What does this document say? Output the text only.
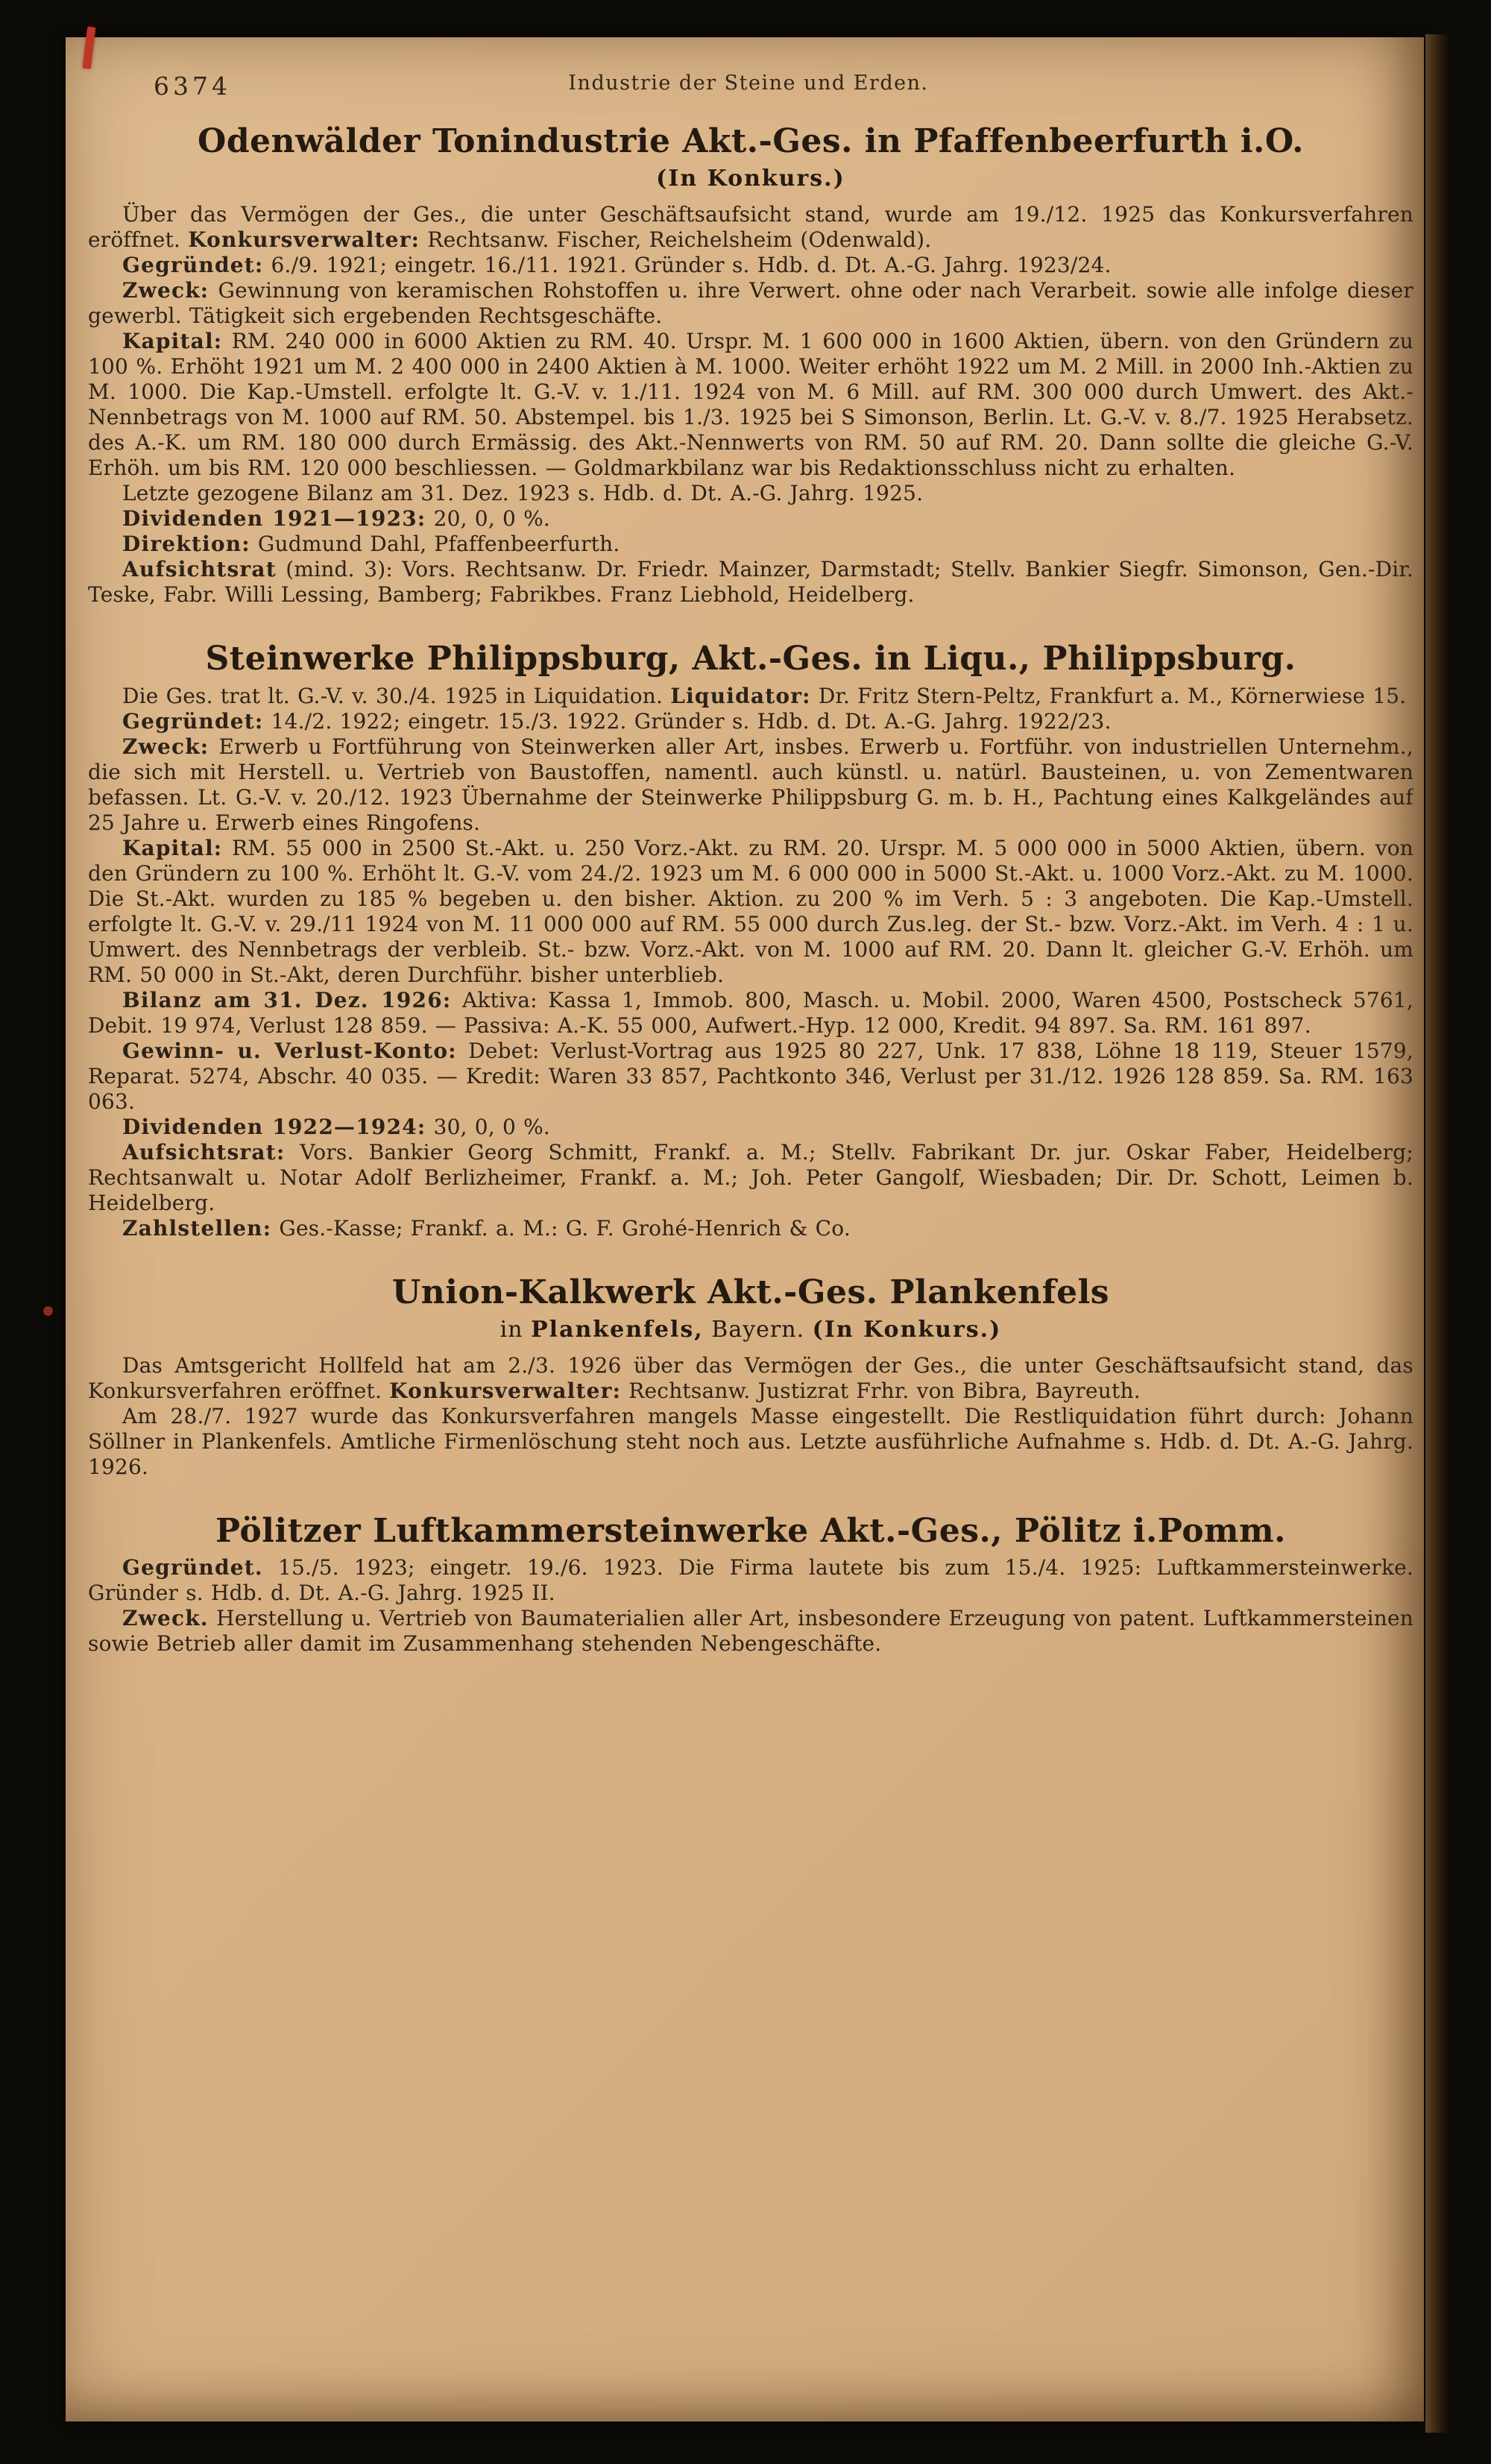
Industrie der Steine und Erden.
6374
Odenwälder Tonindustrie Akt.-Ges. in Pfaffenbeerfurth i.O.
(In Konkurs.)

Über das Vermögen der Ges., die unter Geschäftsaufsicht stand, wurde am 19./12. 1925 das Konkursverfahren eröffnet. Konkursverwalter: Rechtsanw. Fischer, Reichelsheim (Odenwald).

Gegründet: 6./9. 1921; eingetr. 16./11. 1921. Gründer s. Hdb. d. Dt. A.-G. Jahrg. 1923/24.

Zweck: Gewinnung von keramischen Rohstoffen u. ihre Verwert. ohne oder nach Verarbeit. sowie alle infolge dieser gewerbl. Tätigkeit sich ergebenden Rechtsgeschäfte.

Kapital: RM. 240 000 in 6000 Aktien zu RM. 40. Urspr. M. 1 600 000 in 1600 Aktien, übern. von den Gründern zu 100 %. Erhöht 1921 um M. 2 400 000 in 2400 Aktien à M. 1000. Weiter erhöht 1922 um M. 2 Mill. in 2000 Inh.-Aktien zu M. 1000. Die Kap.-Umstell. erfolgte lt. G.-V. v. 1./11. 1924 von M. 6 Mill. auf RM. 300 000 durch Umwert. des Akt.-Nennbetrags von M. 1000 auf RM. 50. Abstempel. bis 1./3. 1925 bei S Simonson, Berlin. Lt. G.-V. v. 8./7. 1925 Herabsetz. des A.-K. um RM. 180 000 durch Ermässig. des Akt.-Nennwerts von RM. 50 auf RM. 20. Dann sollte die gleiche G.-V. Erhöh. um bis RM. 120 000 beschliessen. — Goldmarkbilanz war bis Redaktionsschluss nicht zu erhalten.

Letzte gezogene Bilanz am 31. Dez. 1923 s. Hdb. d. Dt. A.-G. Jahrg. 1925.

Dividenden 1921—1923: 20, 0, 0 %.

Direktion: Gudmund Dahl, Pfaffenbeerfurth.

Aufsichtsrat (mind. 3): Vors. Rechtsanw. Dr. Friedr. Mainzer, Darmstadt; Stellv. Bankier Siegfr. Simonson, Gen.-Dir. Teske, Fabr. Willi Lessing, Bamberg; Fabrikbes. Franz Liebhold, Heidelberg.

Steinwerke Philippsburg, Akt.-Ges. in Liqu., Philippsburg.

Die Ges. trat lt. G.-V. v. 30./4. 1925 in Liquidation. Liquidator: Dr. Fritz Stern-Peltz, Frankfurt a. M., Körnerwiese 15.

Gegründet: 14./2. 1922; eingetr. 15./3. 1922. Gründer s. Hdb. d. Dt. A.-G. Jahrg. 1922/23.

Zweck: Erwerb u Fortführung von Steinwerken aller Art, insbes. Erwerb u. Fortführ. von industriellen Unternehm., die sich mit Herstell. u. Vertrieb von Baustoffen, namentl. auch künstl. u. natürl. Bausteinen, u. von Zementwaren befassen. Lt. G.-V. v. 20./12. 1923 Übernahme der Steinwerke Philippsburg G. m. b. H., Pachtung eines Kalkgeländes auf 25 Jahre u. Erwerb eines Ringofens.

Kapital: RM. 55 000 in 2500 St.-Akt. u. 250 Vorz.-Akt. zu RM. 20. Urspr. M. 5 000 000 in 5000 Aktien, übern. von den Gründern zu 100 %. Erhöht lt. G.-V. vom 24./2. 1923 um M. 6 000 000 in 5000 St.-Akt. u. 1000 Vorz.-Akt. zu M. 1000. Die St.-Akt. wurden zu 185 % begeben u. den bisher. Aktion. zu 200 % im Verh. 5 : 3 angeboten. Die Kap.-Umstell. erfolgte lt. G.-V. v. 29./11 1924 von M. 11 000 000 auf RM. 55 000 durch Zus.leg. der St.- bzw. Vorz.-Akt. im Verh. 4 : 1 u. Umwert. des Nennbetrags der verbleib. St.- bzw. Vorz.-Akt. von M. 1000 auf RM. 20. Dann lt. gleicher G.-V. Erhöh. um RM. 50 000 in St.-Akt, deren Durchführ. bisher unterblieb.

Bilanz am 31. Dez. 1926: Aktiva: Kassa 1, Immob. 800, Masch. u. Mobil. 2000, Waren 4500, Postscheck 5761, Debit. 19 974, Verlust 128 859. — Passiva: A.-K. 55 000, Aufwert.-Hyp. 12 000, Kredit. 94 897. Sa. RM. 161 897.

Gewinn- u. Verlust-Konto: Debet: Verlust-Vortrag aus 1925 80 227, Unk. 17 838, Löhne 18 119, Steuer 1579, Reparat. 5274, Abschr. 40 035. — Kredit: Waren 33 857, Pachtkonto 346, Verlust per 31./12. 1926 128 859. Sa. RM. 163 063.

Dividenden 1922—1924: 30, 0, 0 %.

Aufsichtsrat: Vors. Bankier Georg Schmitt, Frankf. a. M.; Stellv. Fabrikant Dr. jur. Oskar Faber, Heidelberg; Rechtsanwalt u. Notar Adolf Berlizheimer, Frankf. a. M.; Joh. Peter Gangolf, Wiesbaden; Dir. Dr. Schott, Leimen b. Heidelberg.

Zahlstellen: Ges.-Kasse; Frankf. a. M.: G. F. Grohé-Henrich & Co.

Union-Kalkwerk Akt.-Ges. Plankenfels
in Plankenfels, Bayern. (In Konkurs.)

Das Amtsgericht Hollfeld hat am 2./3. 1926 über das Vermögen der Ges., die unter Geschäftsaufsicht stand, das Konkursverfahren eröffnet. Konkursverwalter: Rechtsanw. Justizrat Frhr. von Bibra, Bayreuth.

Am 28./7. 1927 wurde das Konkursverfahren mangels Masse eingestellt. Die Restliquidation führt durch: Johann Söllner in Plankenfels. Amtliche Firmenlöschung steht noch aus. Letzte ausführliche Aufnahme s. Hdb. d. Dt. A.-G. Jahrg. 1926.

Pölitzer Luftkammersteinwerke Akt.-Ges., Pölitz i.Pomm.

Gegründet. 15./5. 1923; eingetr. 19./6. 1923. Die Firma lautete bis zum 15./4. 1925: Luftkammersteinwerke. Gründer s. Hdb. d. Dt. A.-G. Jahrg. 1925 II.

Zweck. Herstellung u. Vertrieb von Baumaterialien aller Art, insbesondere Erzeugung von patent. Luftkammersteinen sowie Betrieb aller damit im Zusammenhang stehenden Nebengeschäfte.
